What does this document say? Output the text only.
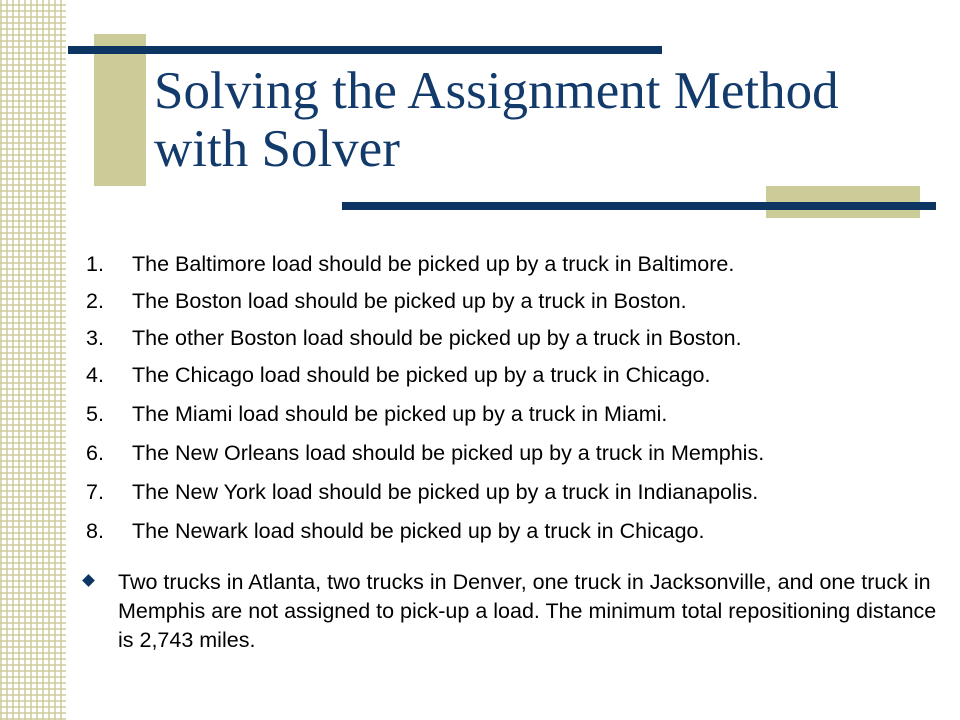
Solving the Assignment Method
with Solver
1. The Baltimore load should be picked up by a truck in Baltimore.
2. The Boston load should be picked up by a truck in Boston.
3. The other Boston load should be picked up by a truck in Boston.
4. The Chicago load should be picked up by a truck in Chicago.
5. The Miami load should be picked up by a truck in Miami.
6. The New Orleans load should be picked up by a truck in Memphis.
7. The New York load should be picked up by a truck in Indianapolis.
8. The Newark load should be picked up by a truck in Chicago.
Two trucks in Atlanta, two trucks in Denver, one truck in Jacksonville, and one truck in Memphis are not assigned to pick-up a load. The minimum total repositioning distance is 2,743 miles.
